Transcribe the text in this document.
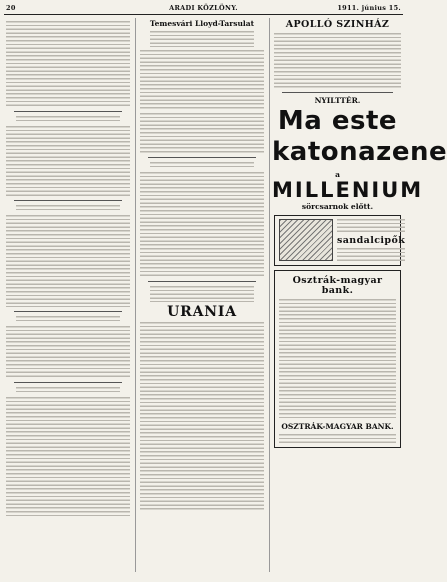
20	ARADI KÖZLÖNY.	1911. június 15.
Temesvári Lloyd-Tarsulat
URANIA
APOLLÓ SZINHÁZ
NYILTTÉR.
Ma este
katonazene
a
MILLENIUM
sörcsarnok előtt.
sandalcipők
Osztrák-magyar bank.
OSZTRÁK-MAGYAR BANK.
